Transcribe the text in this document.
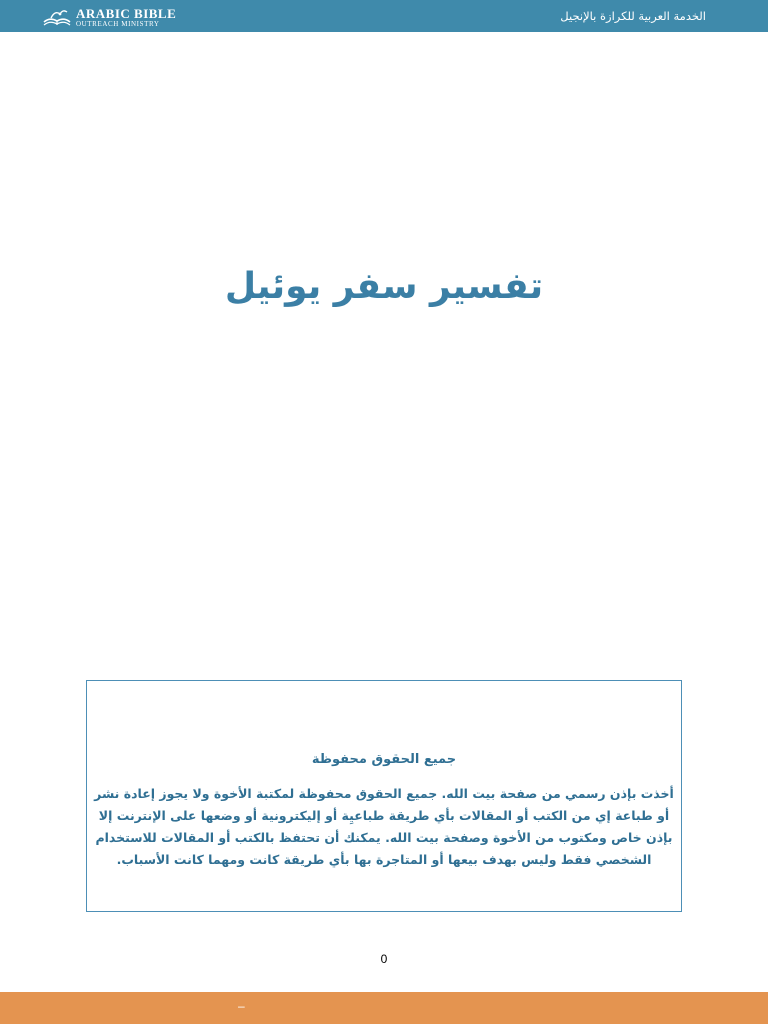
ARABIC BIBLE
OUTREACH MINISTRY
الخدمة العربية للكرازة بالإنجيل
تفسير سفر يوئيل
جميع الحقوق محفوظة
أخذت بإذن رسمي من صفحة بيت الله. جميع الحقوق محفوظة لمكتبة الأخوة ولا يجوز إعادة نشر أو طباعة إي من الكتب أو المقالات بأي طريقة طباعيِة أو إليكترونية أو وضعها على الإنترنت إلا بإذن خاص ومكتوب من الأخوة وصفحة بيت الله. يمكنك أن تحتفظ بالكتب أو المقالات للاستخدام الشخصي فقط وليس بهدف بيعها أو المتاجرة بها بأي طريقة كانت ومهما كانت الأسباب.
0
–
